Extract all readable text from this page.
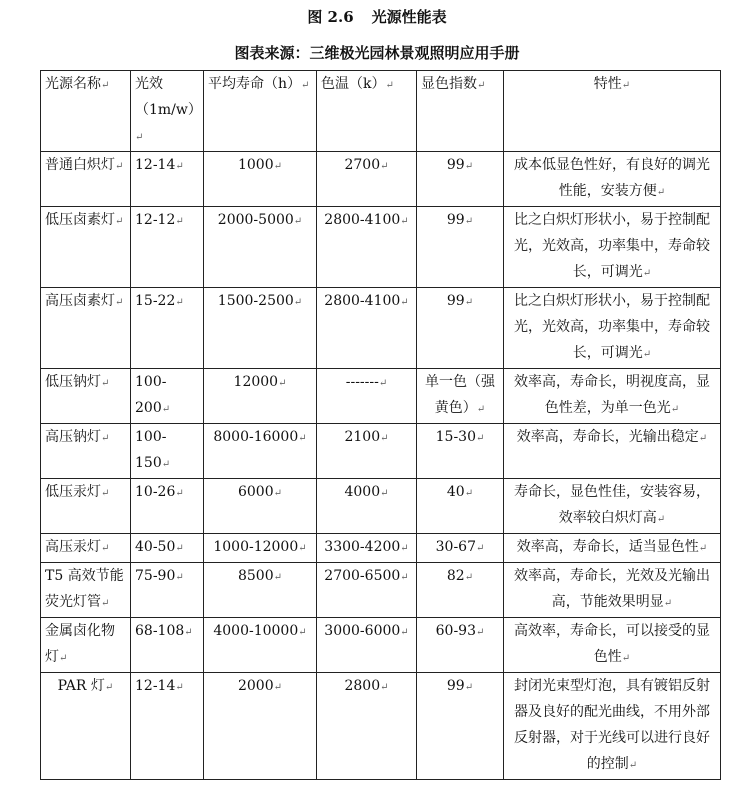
图 2.6 光源性能表
图表来源：三维极光园林景观照明应用手册
光源名称↵	光效（1m/w）↵	平均寿命（h）↵	色温（k）↵	显色指数↵	特性↵
普通白炽灯↵	12-14↵	1000↵	2700↵	99↵	成本低显色性好，有良好的调光性能，安装方便↵
低压卤素灯↵	12-12↵	2000-5000↵	2800-4100↵	99↵	比之白炽灯形状小，易于控制配光，光效高，功率集中，寿命较长，可调光↵
高压卤素灯↵	15-22↵	1500-2500↵	2800-4100↵	99↵	比之白炽灯形状小，易于控制配光，光效高，功率集中，寿命较长，可调光↵
低压钠灯↵	100-200↵	12000↵	-------↵	单一色（强黄色）↵	效率高，寿命长，明视度高，显色性差，为单一色光↵
高压钠灯↵	100-150↵	8000-16000↵	2100↵	15-30↵	效率高，寿命长，光输出稳定↵
低压汞灯↵	10-26↵	6000↵	4000↵	40↵	寿命长，显色性佳，安装容易，效率较白炽灯高↵
高压汞灯↵	40-50↵	1000-12000↵	3300-4200↵	30-67↵	效率高，寿命长，适当显色性↵
T5 高效节能荧光灯管↵	75-90↵	8500↵	2700-6500↵	82↵	效率高，寿命长，光效及光输出高，节能效果明显↵
金属卤化物灯↵	68-108↵	4000-10000↵	3000-6000↵	60-93↵	高效率，寿命长，可以接受的显色性↵
PAR 灯↵	12-14↵	2000↵	2800↵	99↵	封闭光束型灯泡，具有镀铝反射器及良好的配光曲线，不用外部反射器，对于光线可以进行良好的控制↵
